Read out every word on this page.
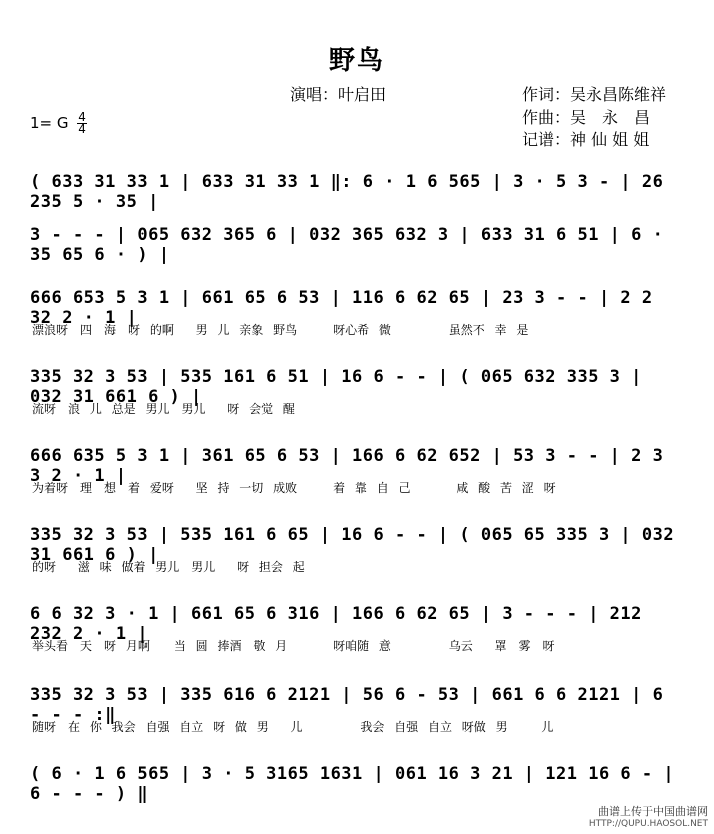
野鸟
演唱：叶启田	作词：吴永昌陈维祥
作曲：吴　永　昌
记谱：神 仙 姐 姐
1= G $\frac{4}{4}$
( 633 31 33 1 | 633 31 33 1 ‖: 6 · 1 6 565 | 3 · 5 3 - | 26 235 5 · 35 |
3 - - - | 065 632 365 6 | 032 365 632 3 | 633 31 6 51 | 6 · 35 65 6 · ) |
666 653 5 3 1 | 661 65 6 53 | 116 6 62 65 | 23 3 - - | 2 2 32 2 · 1 |
漂浪呀　四　海　呀 的啊　 男 儿 亲象 野鸟　　　呀心希 微　　　　 虽然不 幸 是
335 32 3 53 | 535 161 6 51 | 16 6 - - | ( 065 632 335 3 | 032 31 661 6 ) |
流呀　浪 儿 总是 男儿　男儿　 呀 会觉 醒
666 635 5 3 1 | 361 65 6 53 | 166 6 62 652 | 53 3 - - | 2 3 3 2 · 1 |
为着呀　理　想　着 爱呀　 坚 持 一切 成败　　　着 靠 自 己　　　 咸 酸 苦 涩 呀
335 32 3 53 | 535 161 6 65 | 16 6 - - | ( 065 65 335 3 | 032 31 661 6 ) |
的呀　 滋 味 做着 男儿　男儿　 呀 担会 起
6 6 32 3 · 1 | 661 65 6 316 | 166 6 62 65 | 3 - - - | 212 232 2 · 1 |
举头看　天　呀 月啊　　当 圆 捧酒　敬 月　　　 呀咱随 意　　　　 乌云　 罩　雾　呀
335 32 3 53 | 335 616 6 2121 | 56 6 - 53 | 661 6 6 2121 | 6 - - - :‖
随呀　在 你 我会 自强 自立 呀 做 男　 儿　　　　 我会 自强 自立 呀做 男　　 儿
( 6 · 1 6 565 | 3 · 5 3165 1631 | 061 16 3 21 | 121 16 6 - | 6 - - - ) ‖
曲谱上传于中国曲谱网
HTTP://QUPU.HAOSOL.NET
